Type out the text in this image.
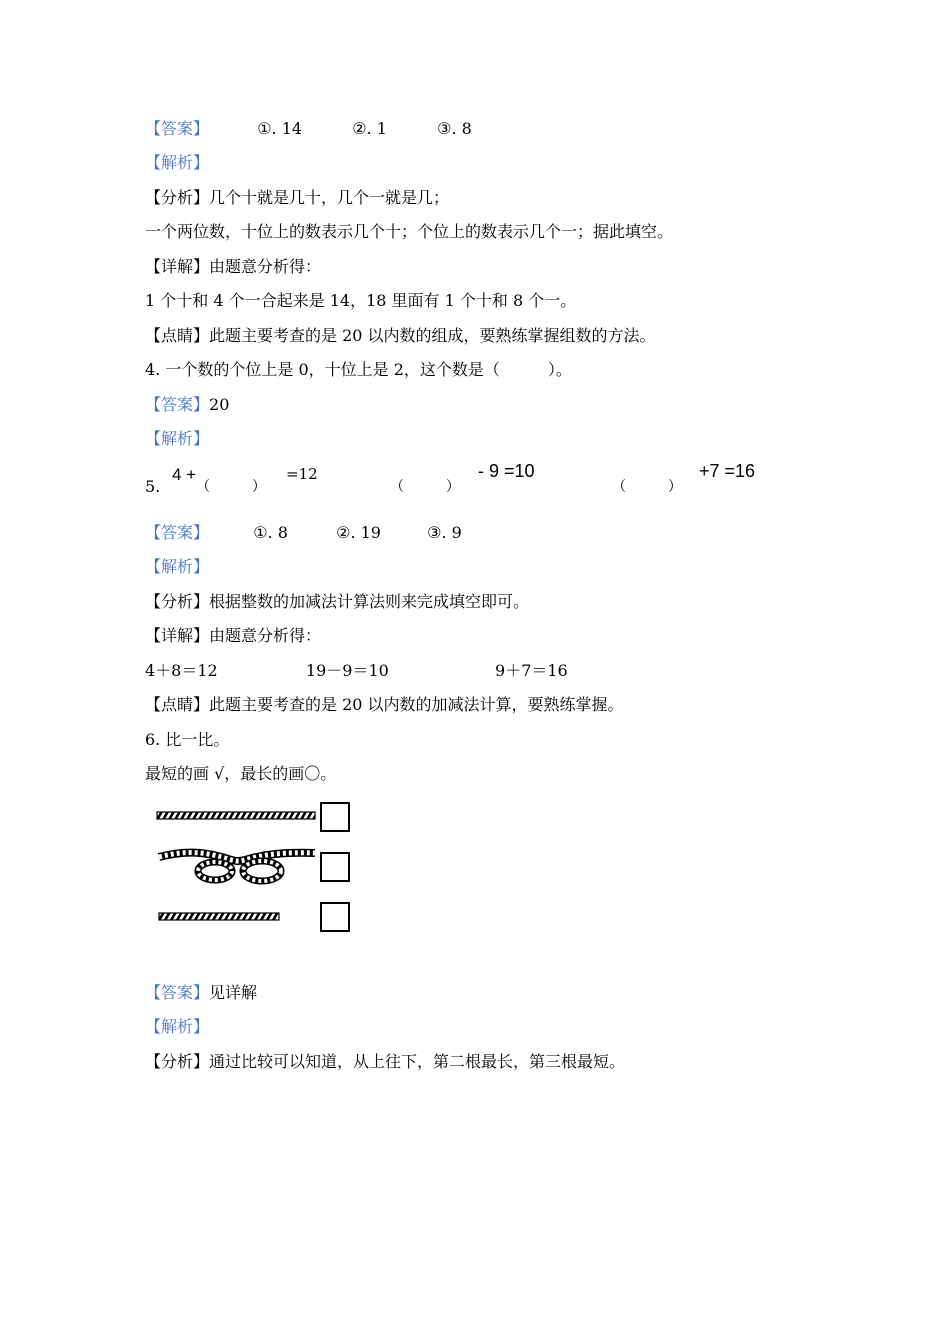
【答案】	①. 14	②. 1	③. 8
【解析】
【分析】几个十就是几十，几个一就是几；
一个两位数，十位上的数表示几个十；个位上的数表示几个一；据此填空。
【详解】由题意分析得：
1 个十和 4 个一合起来是 14，18 里面有 1 个十和 8 个一。
【点睛】此题主要考查的是 20 以内数的组成，要熟练掌握组数的方法。
4. 一个数的个位上是 0，十位上是 2，这个数是（　　　）。
【答案】20
【解析】
5.
4 +
（　　　）
=12
（　　　）
- 9 =10
（　　　）
+7 =16
【答案】	①. 8	②. 19	③. 9
【解析】
【分析】根据整数的加减法计算法则来完成填空即可。
【详解】由题意分析得：
4＋8＝12	19－9＝10	9＋7＝16
【点睛】此题主要考查的是 20 以内数的加减法计算，要熟练掌握。
6. 比一比。
最短的画 √，最长的画〇。
【答案】见详解
【解析】
【分析】通过比较可以知道，从上往下，第二根最长，第三根最短。
